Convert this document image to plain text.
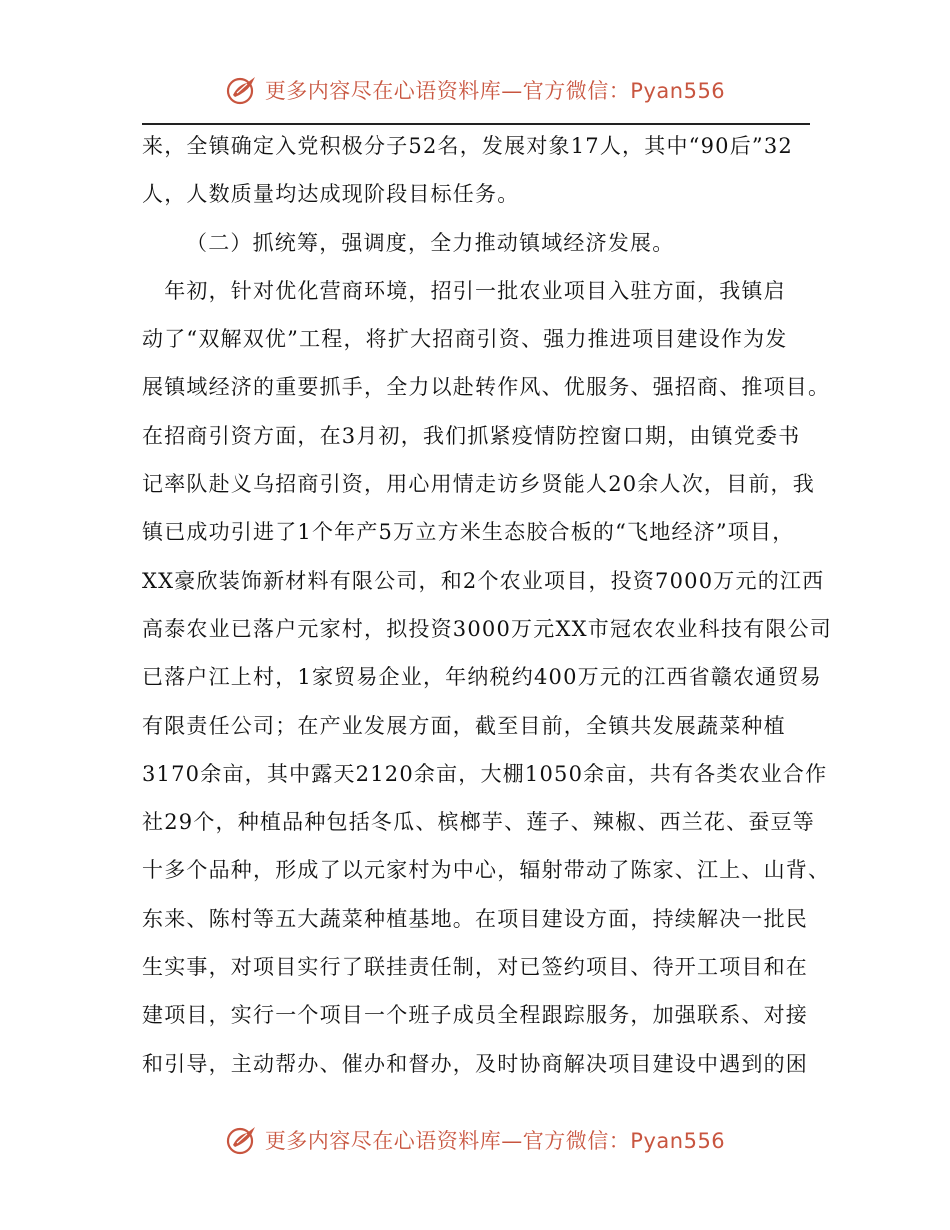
更多内容尽在心语资料库—官方微信：Pyan556

来，全镇确定入党积极分子52名，发展对象17人，其中“90后”32

人，人数质量均达成现阶段目标任务。

（二）抓统筹，强调度，全力推动镇域经济发展。

　年初，针对优化营商环境，招引一批农业项目入驻方面，我镇启

动了“双解双优”工程，将扩大招商引资、强力推进项目建设作为发

展镇域经济的重要抓手，全力以赴转作风、优服务、强招商、推项目。

在招商引资方面，在3月初，我们抓紧疫情防控窗口期，由镇党委书

记率队赴义乌招商引资，用心用情走访乡贤能人20余人次，目前，我

镇已成功引进了1个年产5万立方米生态胶合板的“飞地经济”项目，

XX豪欣装饰新材料有限公司，和2个农业项目，投资7000万元的江西

高泰农业已落户元家村，拟投资3000万元XX市冠农农业科技有限公司

已落户江上村，1家贸易企业，年纳税约400万元的江西省赣农通贸易

有限责任公司；在产业发展方面，截至目前，全镇共发展蔬菜种植

3170余亩，其中露天2120余亩，大棚1050余亩，共有各类农业合作

社29个，种植品种包括冬瓜、槟榔芋、莲子、辣椒、西兰花、蚕豆等

十多个品种，形成了以元家村为中心，辐射带动了陈家、江上、山背、

东来、陈村等五大蔬菜种植基地。在项目建设方面，持续解决一批民

生实事，对项目实行了联挂责任制，对已签约项目、待开工项目和在

建项目，实行一个项目一个班子成员全程跟踪服务，加强联系、对接

和引导，主动帮办、催办和督办，及时协商解决项目建设中遇到的困

更多内容尽在心语资料库—官方微信：Pyan556
